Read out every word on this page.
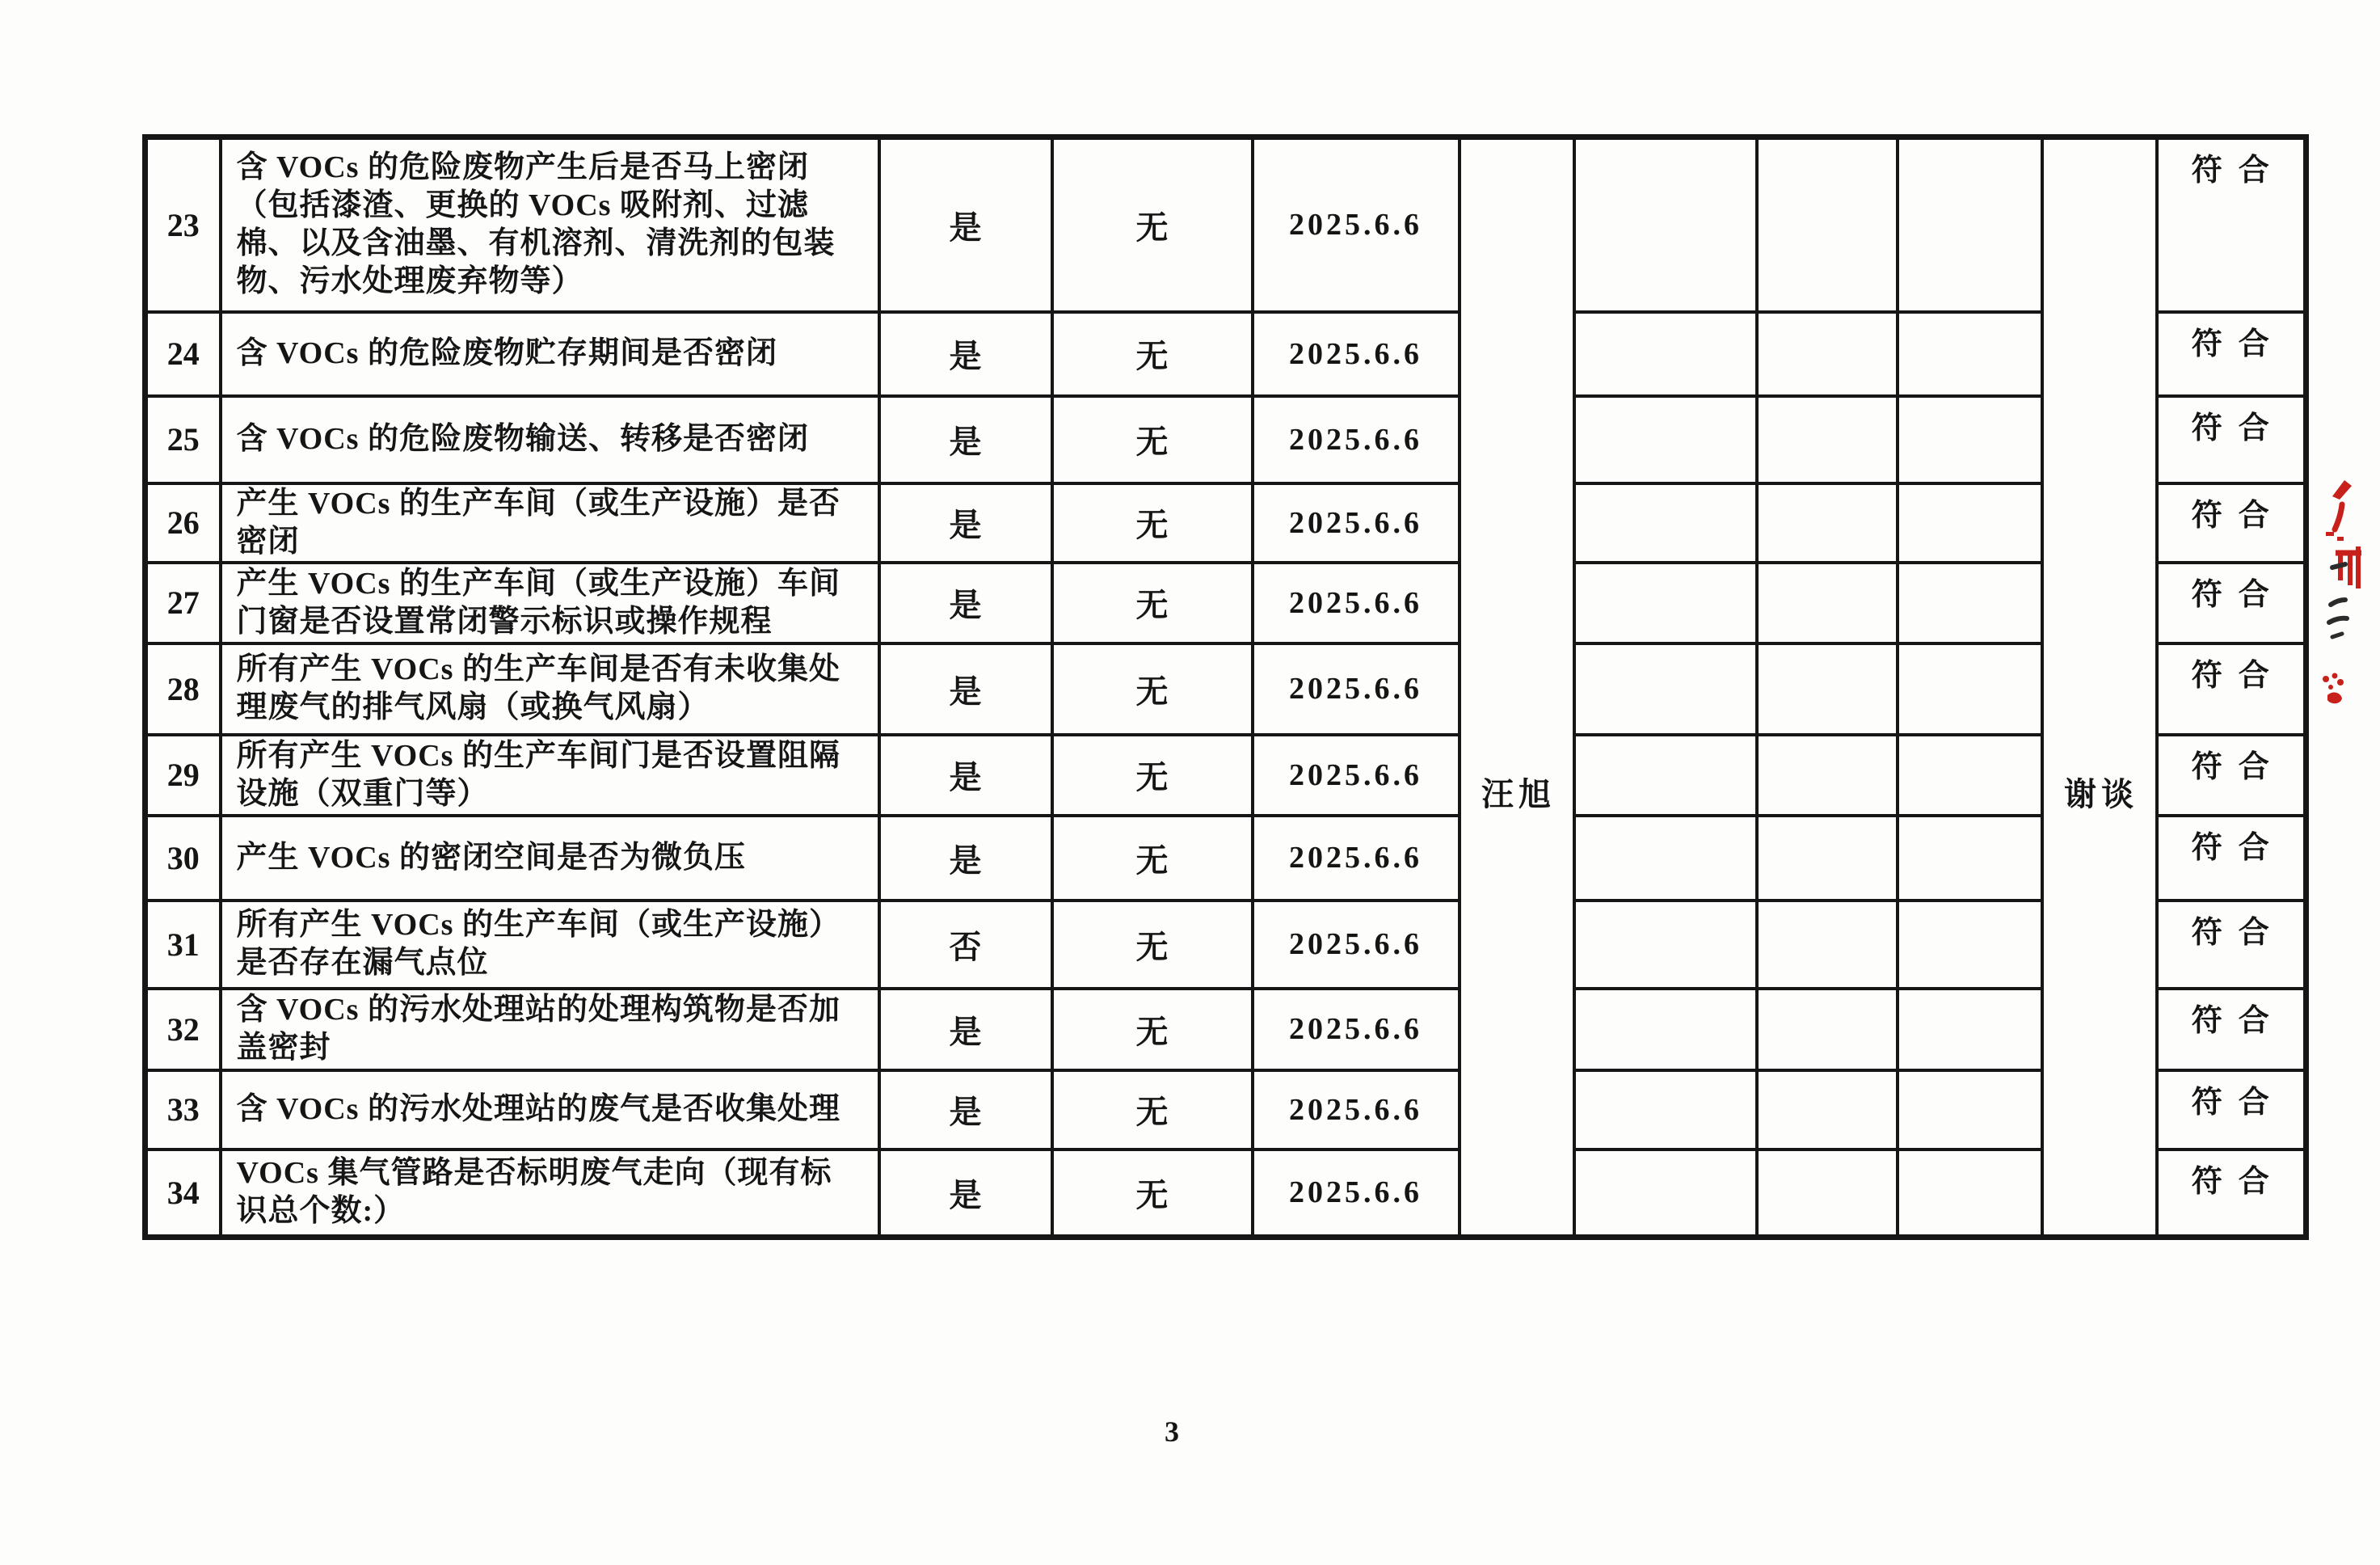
23	含 VOCs 的危险废物产生后是否马上密闭（包括漆渣、更换的 VOCs 吸附剂、过滤棉、以及含油墨、有机溶剂、清洗剂的包装物、污水处理废弃物等）	是	无	2025.6.6	汪旭				谢谈	符合
24	含 VOCs 的危险废物贮存期间是否密闭	是	无	2025.6.6						符合
25	含 VOCs 的危险废物输送、转移是否密闭	是	无	2025.6.6						符合
26	产生 VOCs 的生产车间（或生产设施）是否密闭	是	无	2025.6.6						符合
27	产生 VOCs 的生产车间（或生产设施）车间门窗是否设置常闭警示标识或操作规程	是	无	2025.6.6						符合
28	所有产生 VOCs 的生产车间是否有未收集处理废气的排气风扇（或换气风扇）	是	无	2025.6.6						符合
29	所有产生 VOCs 的生产车间门是否设置阻隔设施（双重门等）	是	无	2025.6.6						符合
30	产生 VOCs 的密闭空间是否为微负压	是	无	2025.6.6						符合
31	所有产生 VOCs 的生产车间（或生产设施）是否存在漏气点位	否	无	2025.6.6						符合
32	含 VOCs 的污水处理站的处理构筑物是否加盖密封	是	无	2025.6.6						符合
33	含 VOCs 的污水处理站的废气是否收集处理	是	无	2025.6.6						符合
34	VOCs 集气管路是否标明废气走向（现有标识总个数:）	是	无	2025.6.6						符合
3
